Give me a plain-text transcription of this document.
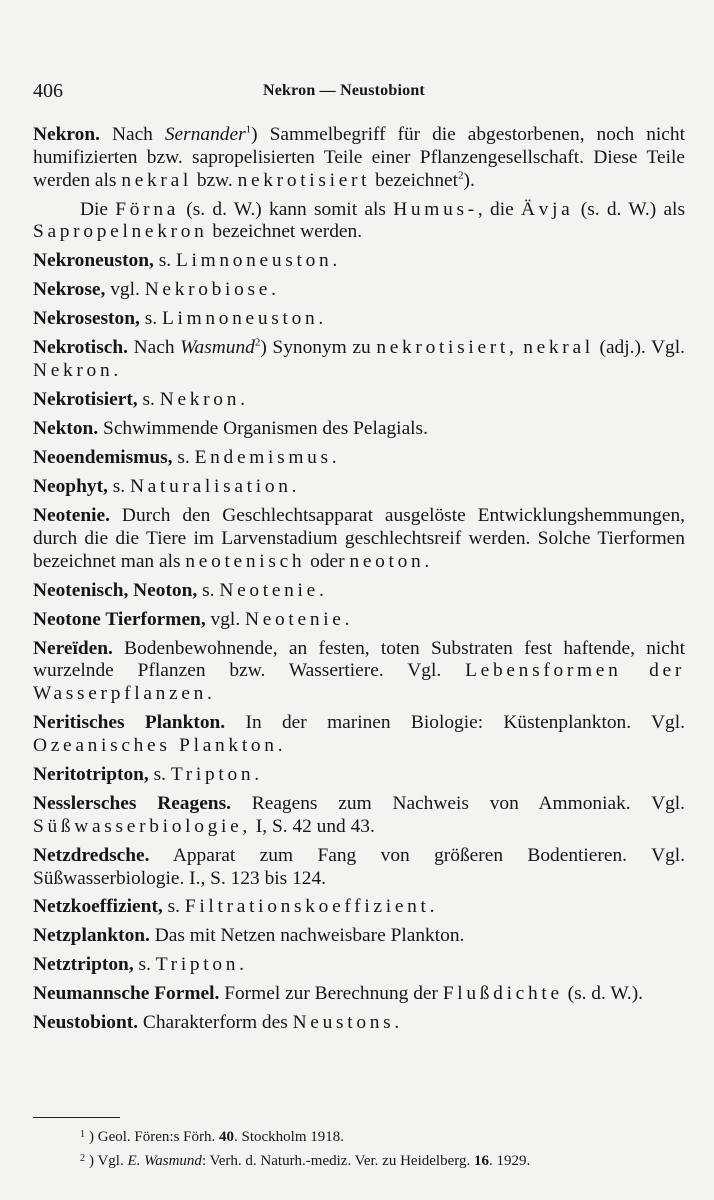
406	Nekron — Neustobiont

Nekron. Nach Sernander$^1$) Sammelbegriff für die abgestorbenen, noch nicht humifizierten bzw. sapropelisierten Teile einer Pflanzengesellschaft. Diese Teile werden als nekral bzw. nekrotisiert bezeichnet$^2$).

Die Förna (s. d. W.) kann somit als Humus-, die Ävja (s. d. W.) als Sapropelnekron bezeichnet werden.

Nekroneuston, s. Limnoneuston.

Nekrose, vgl. Nekrobiose.

Nekroseston, s. Limnoneuston.

Nekrotisch. Nach Wasmund$^2$) Synonym zu nekrotisiert, nekral (adj.). Vgl. Nekron.

Nekrotisiert, s. Nekron.

Nekton. Schwimmende Organismen des Pelagials.

Neoendemismus, s. Endemismus.

Neophyt, s. Naturalisation.

Neotenie. Durch den Geschlechtsapparat ausgelöste Entwicklungshemmungen, durch die die Tiere im Larvenstadium geschlechtsreif werden. Solche Tierformen bezeichnet man als neotenisch oder neoton.

Neotenisch, Neoton, s. Neotenie.

Neotone Tierformen, vgl. Neotenie.

Nereïden. Bodenbewohnende, an festen, toten Substraten fest haftende, nicht wurzelnde Pflanzen bzw. Wassertiere. Vgl. Lebensformen der Wasserpflanzen.

Neritisches Plankton. In der marinen Biologie: Küstenplankton. Vgl. Ozeanisches Plankton.

Neritotripton, s. Tripton.

Nesslersches Reagens. Reagens zum Nachweis von Ammoniak. Vgl. Süßwasserbiologie, I, S. 42 und 43.

Netzdredsche. Apparat zum Fang von größeren Bodentieren. Vgl. Süßwasserbiologie. I., S. 123 bis 124.

Netzkoeffizient, s. Filtrationskoeffizient.

Netzplankton. Das mit Netzen nachweisbare Plankton.

Netztripton, s. Tripton.

Neumannsche Formel. Formel zur Berechnung der Flußdichte (s. d. W.).

Neustobiont. Charakterform des Neustons.

$^1$ ) Geol. Fören:s Förh. 40. Stockholm 1918.
$^2$ ) Vgl. E. Wasmund: Verh. d. Naturh.-mediz. Ver. zu Heidelberg. 16. 1929.
